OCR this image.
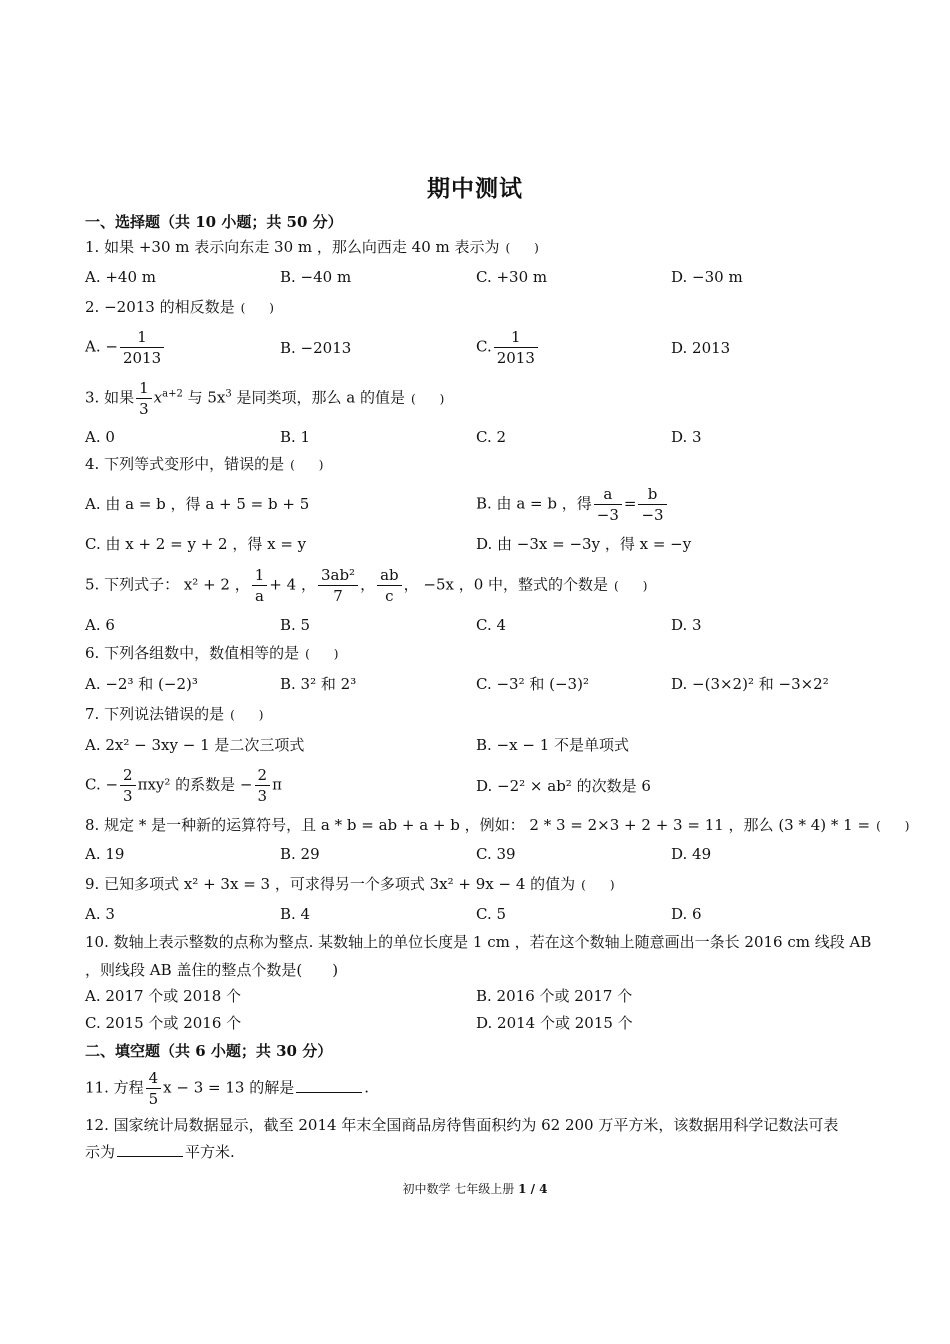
期中测试
一、选择题（共 10 小题；共 50 分）
1. 如果 +30 m 表示向东走 30 m ，那么向西走 40 m 表示为 (　　)
A. +40 m	B. −40 m	C. +30 m	D. −30 m
2. −2013 的相反数是 (　　)
A. − $\frac{1}{2013}$	B. −2013	C. $\frac{1}{2013}$	D. 2013
3. 如果 $\frac{1}{3} x^{a+2}$ 与 $5x^3$ 是同类项，那么 a 的值是 (　　)
A. 0	B. 1	C. 2	D. 3
4. 下列等式变形中，错误的是 (　　)
A. 由 a = b ，得 a + 5 = b + 5	B. 由 a = b ，得 $\frac{a}{-3} = \frac{b}{-3}$
C. 由 x + 2 = y + 2 ，得 x = y	D. 由 −3x = −3y ，得 x = −y
5. 下列式子： x² + 2 ， $\frac{1}{a} + 4$ ， $\frac{\text{3ab²}}{7}$ ， $\frac{ab}{c}$ ， −5x ，0 中，整式的个数是 (　　)
A. 6	B. 5	C. 4	D. 3
6. 下列各组数中，数值相等的是 (　　)
A. −2³ 和 (−2)³	B. 3² 和 2³	C. −3² 和 (−3)²	D. −(3×2)² 和 −3×2²
7. 下列说法错误的是 (　　)
A. 2x² − 3xy − 1 是二次三项式	B. −x − 1 不是单项式
C. − $\frac{2}{3} \pi xy^2$ 的系数是 − $\frac{2}{3}$ π	D. −2² × ab² 的次数是 6
8. 规定 * 是一种新的运算符号，且 a * b = ab + a + b ，例如： 2 * 3 = 2×3 + 2 + 3 = 11 ，那么 (3 * 4) * 1 = (　　)
A. 19	B. 29	C. 39	D. 49
9. 已知多项式 x² + 3x = 3 ，可求得另一个多项式 3x² + 9x − 4 的值为 (　　)
A. 3	B. 4	C. 5	D. 6
10. 数轴上表示整数的点称为整点. 某数轴上的单位长度是 1 cm ，若在这个数轴上随意画出一条长 2016 cm 线段 AB ，则线段 AB 盖住的整点个数是(　　)
A. 2017 个或 2018 个	B. 2016 个或 2017 个
C. 2015 个或 2016 个	D. 2014 个或 2015 个
二、填空题（共 6 小题；共 30 分）
11. 方程 $\frac{4}{5}$ x − 3 = 13 的解是	.
12. 国家统计局数据显示，截至 2014 年末全国商品房待售面积约为 62 200 万平方米，该数据用科学记数法可表
示为	平方米.
初中数学 七年级上册 1 / 4
